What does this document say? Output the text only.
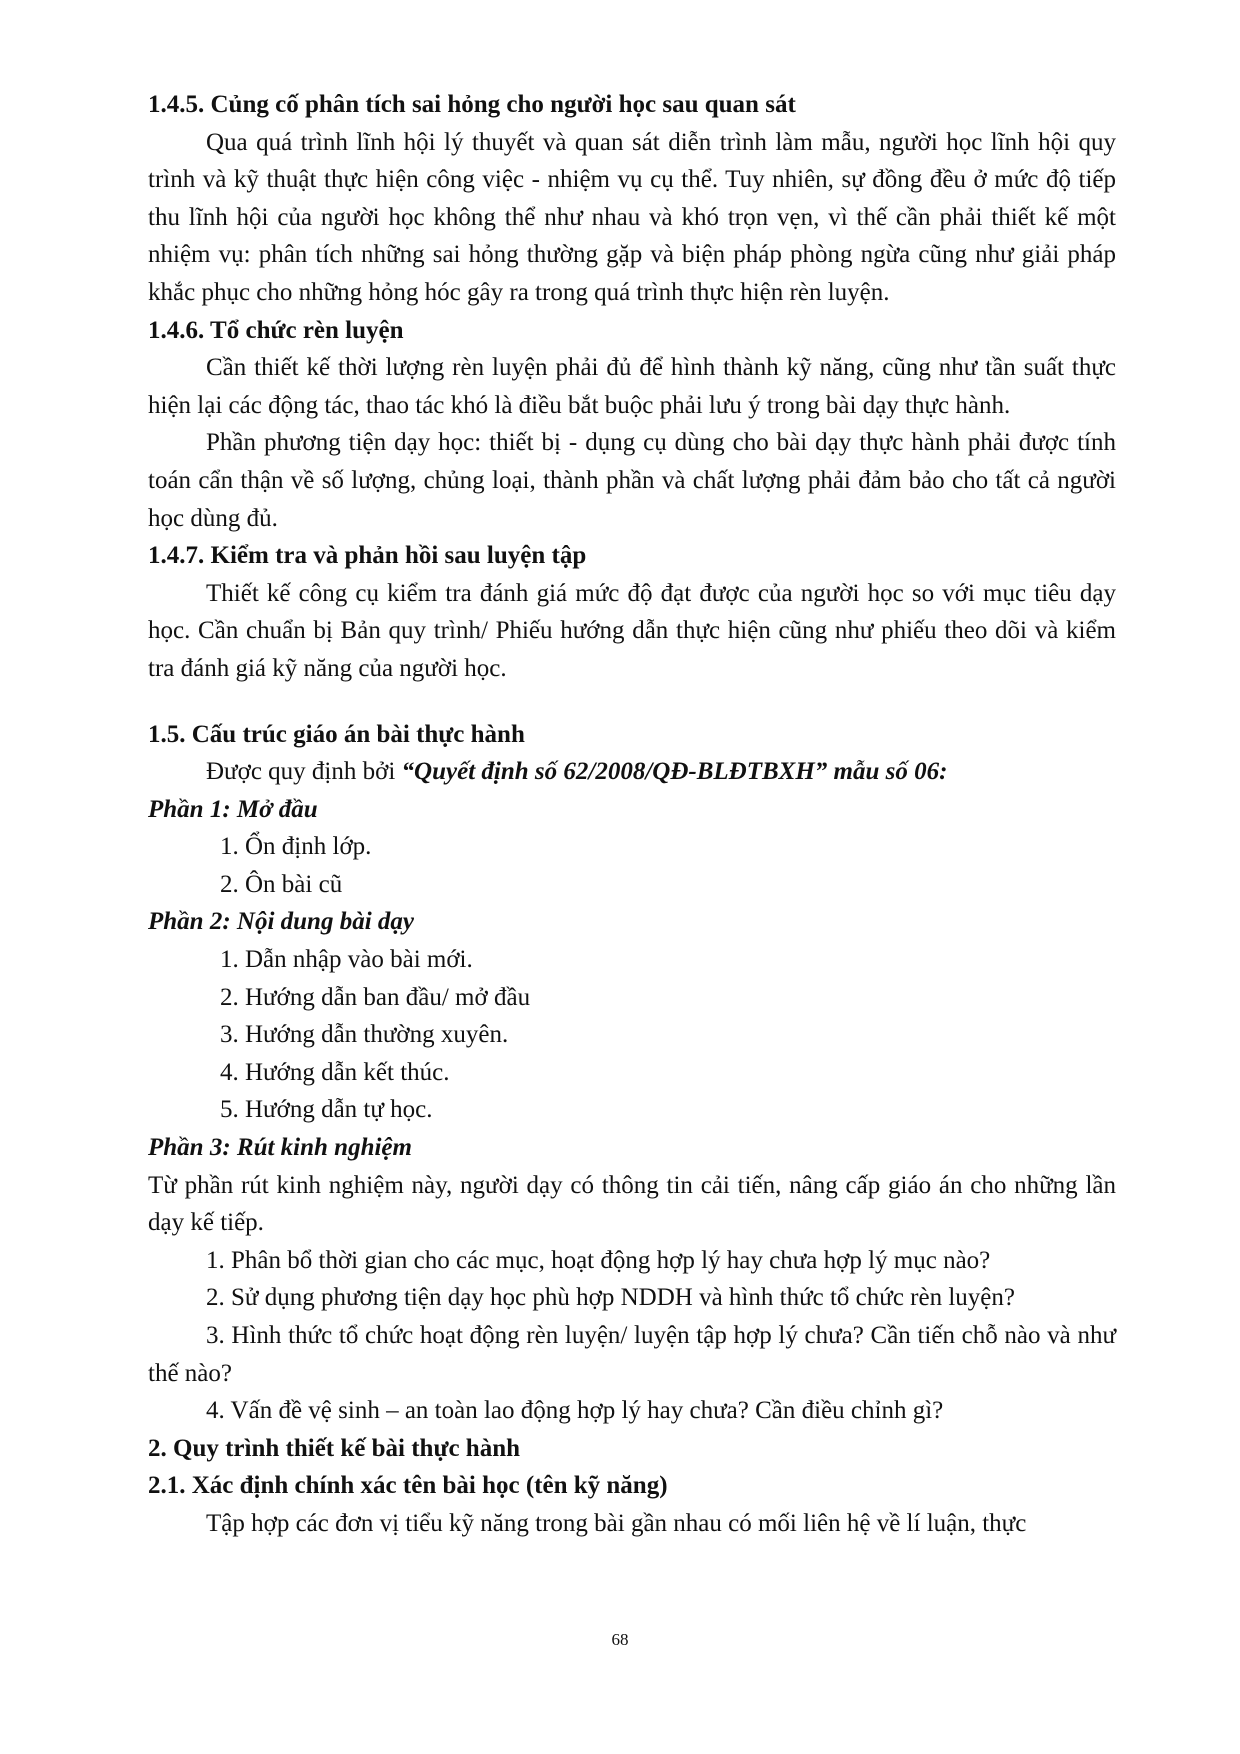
1.4.5. Củng cố phân tích sai hỏng cho người học sau quan sát

Qua quá trình lĩnh hội lý thuyết và quan sát diễn trình làm mẫu, người học lĩnh hội quy trình và kỹ thuật thực hiện công việc - nhiệm vụ cụ thể. Tuy nhiên, sự đồng đều ở mức độ tiếp thu lĩnh hội của người học không thể như nhau và khó trọn vẹn, vì thế cần phải thiết kế một nhiệm vụ: phân tích những sai hỏng thường gặp và biện pháp phòng ngừa cũng như giải pháp khắc phục cho những hỏng hóc gây ra trong quá trình thực hiện rèn luyện.

1.4.6. Tổ chức rèn luyện

Cần thiết kế thời lượng rèn luyện phải đủ để hình thành kỹ năng, cũng như tần suất thực hiện lại các động tác, thao tác khó là điều bắt buộc phải lưu ý trong bài dạy thực hành.

Phần phương tiện dạy học: thiết bị - dụng cụ dùng cho bài dạy thực hành phải được tính toán cẩn thận về số lượng, chủng loại, thành phần và chất lượng phải đảm bảo cho tất cả người học dùng đủ.

1.4.7. Kiểm tra và phản hồi sau luyện tập

Thiết kế công cụ kiểm tra đánh giá mức độ đạt được của người học so với mục tiêu dạy học. Cần chuẩn bị Bản quy trình/ Phiếu hướng dẫn thực hiện cũng như phiếu theo dõi và kiểm tra đánh giá kỹ năng của người học.

1.5. Cấu trúc giáo án bài thực hành

Được quy định bởi “Quyết định số 62/2008/QĐ-BLĐTBXH” mẫu số 06:

Phần 1: Mở đầu

1. Ổn định lớp.

2. Ôn bài cũ

Phần 2: Nội dung bài dạy

1. Dẫn nhập vào bài mới.

2. Hướng dẫn ban đầu/ mở đầu

3. Hướng dẫn thường xuyên.

4. Hướng dẫn kết thúc.

5. Hướng dẫn tự học.

Phần 3: Rút kinh nghiệm

Từ phần rút kinh nghiệm này, người dạy có thông tin cải tiến, nâng cấp giáo án cho những lần dạy kế tiếp.

1. Phân bổ thời gian cho các mục, hoạt động hợp lý hay chưa hợp lý mục nào?

2. Sử dụng phương tiện dạy học phù hợp NDDH và hình thức tổ chức rèn luyện?

3. Hình thức tổ chức hoạt động rèn luyện/ luyện tập hợp lý chưa? Cần tiến chỗ nào và như thế nào?

4. Vấn đề vệ sinh – an toàn lao động hợp lý hay chưa? Cần điều chỉnh gì?

2. Quy trình thiết kế bài thực hành

2.1. Xác định chính xác tên bài học (tên kỹ năng)

Tập hợp các đơn vị tiểu kỹ năng trong bài gần nhau có mối liên hệ về lí luận, thực

68
